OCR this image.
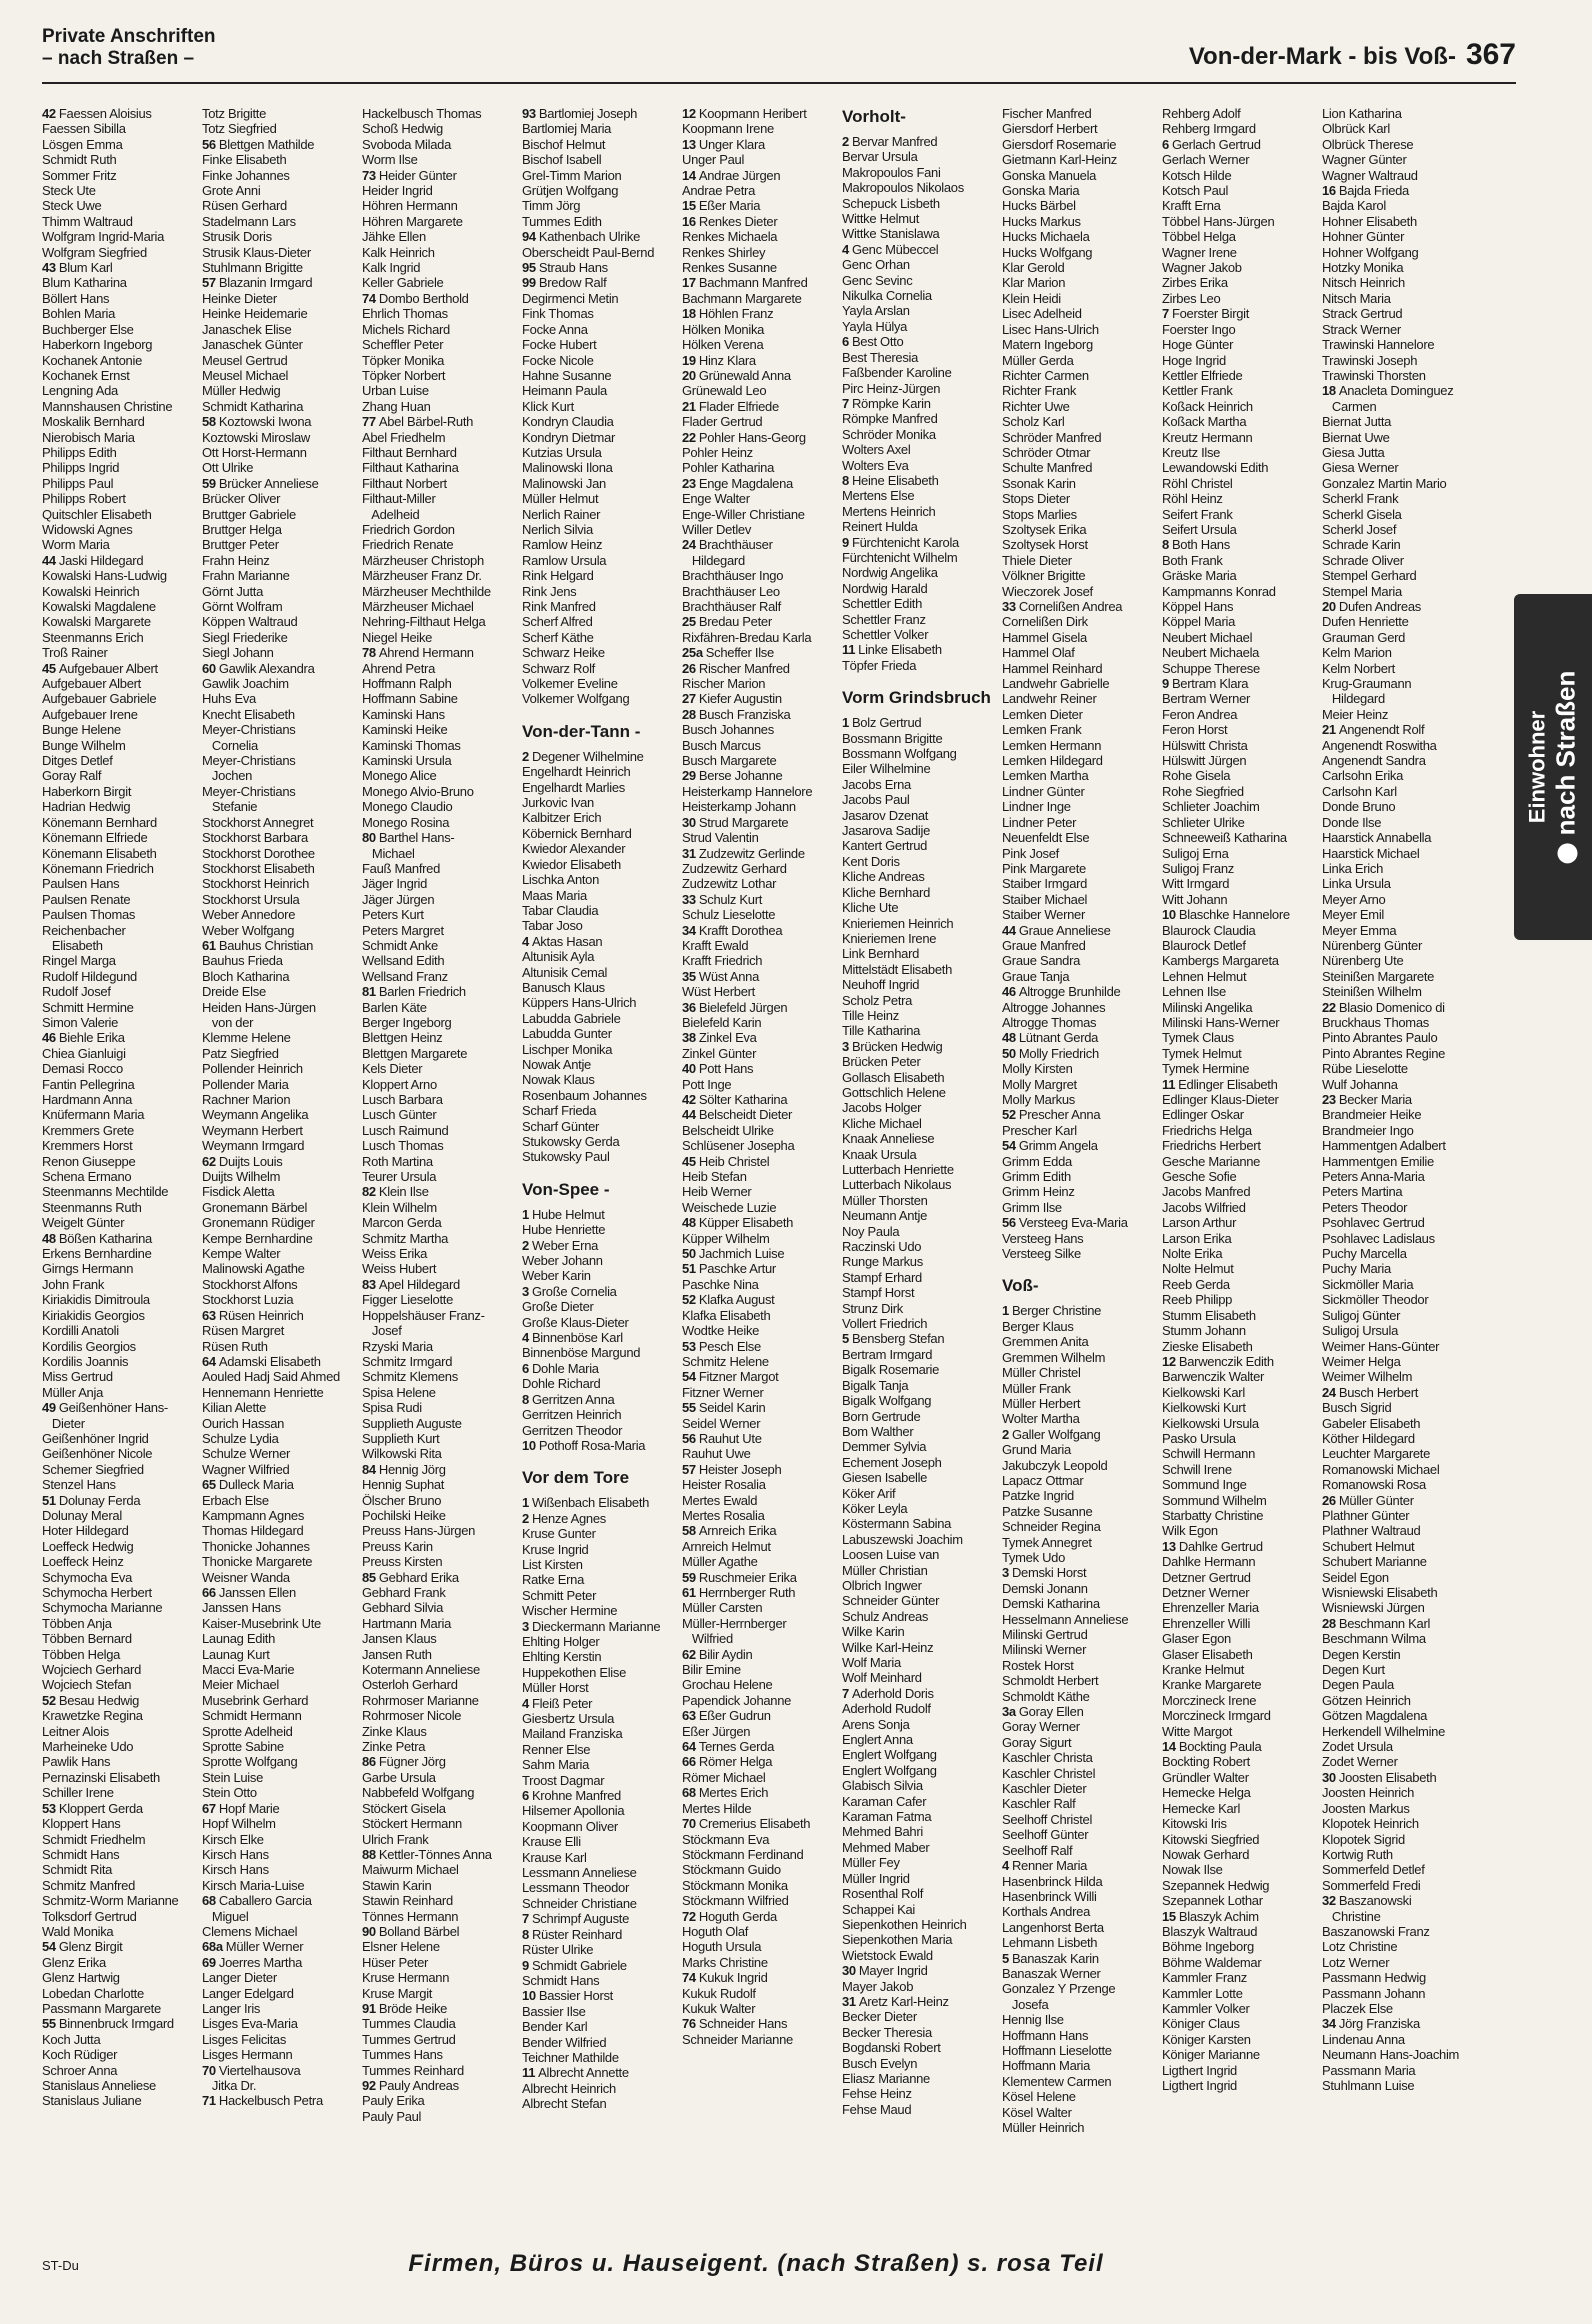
Private Anschriften
– nach Straßen –	Von-der-Mark - bis Voß- 367
42 Faessen Aloisius
Faessen Sibilla
Lösgen Emma
Schmidt Ruth
Sommer Fritz
Steck Ute
Steck Uwe
Thimm Waltraud
Wolfgram Ingrid-Maria
Wolfgram Siegfried
43 Blum Karl
Blum Katharina
Böllert Hans
Bohlen Maria
Buchberger Else
Haberkorn Ingeborg
Kochanek Antonie
Kochanek Ernst
Lengning Ada
Mannshausen Christine
Moskalik Bernhard
Nierobisch Maria
Philipps Edith
Philipps Ingrid
Philipps Paul
Philipps Robert
Quitschler Elisabeth
Widowski Agnes
Worm Maria
44 Jaski Hildegard
Kowalski Hans-Ludwig
Kowalski Heinrich
Kowalski Magdalene
Kowalski Margarete
Steenmanns Erich
Troß Rainer
45 Aufgebauer Albert
Aufgebauer Albert
Aufgebauer Gabriele
Aufgebauer Irene
Bunge Helene
Bunge Wilhelm
Ditges Detlef
Goray Ralf
Haberkorn Birgit
Hadrian Hedwig
Könemann Bernhard
Könemann Elfriede
Könemann Elisabeth
Könemann Friedrich
Paulsen Hans
Paulsen Renate
Paulsen Thomas
Reichenbacher
Elisabeth
Ringel Marga
Rudolf Hildegund
Rudolf Josef
Schmitt Hermine
Simon Valerie
46 Biehle Erika
Chiea Gianluigi
Demasi Rocco
Fantin Pellegrina
Hardmann Anna
Knüfermann Maria
Kremmers Grete
Kremmers Horst
Renon Giuseppe
Schena Ermano
Steenmanns Mechtilde
Steenmanns Ruth
Weigelt Günter
48 Bößen Katharina
Erkens Bernhardine
Girngs Hermann
John Frank
Kiriakidis Dimitroula
Kiriakidis Georgios
Kordilli Anatoli
Kordilis Georgios
Kordilis Joannis
Miss Gertrud
Müller Anja
49 Geißenhöner Hans-
Dieter
Geißenhöner Ingrid
Geißenhöner Nicole
Schemer Siegfried
Stenzel Hans
51 Dolunay Ferda
Dolunay Meral
Hoter Hildegard
Loeffeck Hedwig
Loeffeck Heinz
Schymocha Eva
Schymocha Herbert
Schymocha Marianne
Többen Anja
Többen Bernard
Többen Helga
Wojciech Gerhard
Wojciech Stefan
52 Besau Hedwig
Krawetzke Regina
Leitner Alois
Marheineke Udo
Pawlik Hans
Pernazinski Elisabeth
Schiller Irene
53 Kloppert Gerda
Kloppert Hans
Schmidt Friedhelm
Schmidt Hans
Schmidt Rita
Schmitz Manfred
Schmitz-Worm Marianne
Tolksdorf Gertrud
Wald Monika
54 Glenz Birgit
Glenz Erika
Glenz Hartwig
Lobedan Charlotte
Passmann Margarete
55 Binnenbruck Irmgard
Koch Jutta
Koch Rüdiger
Schroer Anna
Stanislaus Anneliese
Stanislaus Juliane
Totz Brigitte
Totz Siegfried
56 Blettgen Mathilde
Finke Elisabeth
Finke Johannes
Grote Anni
Rüsen Gerhard
Stadelmann Lars
Strusik Doris
Strusik Klaus-Dieter
Stuhlmann Brigitte
57 Blazanin Irmgard
Heinke Dieter
Heinke Heidemarie
Janaschek Elise
Janaschek Günter
Meusel Gertrud
Meusel Michael
Müller Hedwig
Schmidt Katharina
58 Koztowski Iwona
Koztowski Miroslaw
Ott Horst-Hermann
Ott Ulrike
59 Brücker Anneliese
Brücker Oliver
Bruttger Gabriele
Bruttger Helga
Bruttger Peter
Frahn Heinz
Frahn Marianne
Görnt Jutta
Görnt Wolfram
Köppen Waltraud
Siegl Friederike
Siegl Johann
60 Gawlik Alexandra
Gawlik Joachim
Huhs Eva
Knecht Elisabeth
Meyer-Christians
Cornelia
Meyer-Christians
Jochen
Meyer-Christians
Stefanie
Stockhorst Annegret
Stockhorst Barbara
Stockhorst Dorothee
Stockhorst Elisabeth
Stockhorst Heinrich
Stockhorst Ursula
Weber Annedore
Weber Wolfgang
61 Bauhus Christian
Bauhus Frieda
Bloch Katharina
Dreide Else
Heiden Hans-Jürgen
von der
Klemme Helene
Patz Siegfried
Pollender Heinrich
Pollender Maria
Rachner Marion
Weymann Angelika
Weymann Herbert
Weymann Irmgard
62 Duijts Louis
Duijts Wilhelm
Fisdick Aletta
Gronemann Bärbel
Gronemann Rüdiger
Kempe Bernhardine
Kempe Walter
Malinowski Agathe
Stockhorst Alfons
Stockhorst Luzia
63 Rüsen Heinrich
Rüsen Margret
Rüsen Ruth
64 Adamski Elisabeth
Aouled Hadj Said Ahmed
Hennemann Henriette
Kilian Alette
Ourich Hassan
Schulze Lydia
Schulze Werner
Wagner Wilfried
65 Dulleck Maria
Erbach Else
Kampmann Agnes
Thomas Hildegard
Thonicke Johannes
Thonicke Margarete
Weisner Wanda
66 Janssen Ellen
Janssen Hans
Kaiser-Musebrink Ute
Launag Edith
Launag Kurt
Macci Eva-Marie
Meier Michael
Musebrink Gerhard
Schmidt Hermann
Sprotte Adelheid
Sprotte Sabine
Sprotte Wolfgang
Stein Luise
Stein Otto
67 Hopf Marie
Hopf Wilhelm
Kirsch Elke
Kirsch Hans
Kirsch Hans
Kirsch Maria-Luise
68 Caballero Garcia
Miguel
Clemens Michael
68a Müller Werner
69 Joerres Martha
Langer Dieter
Langer Edelgard
Langer Iris
Lisges Eva-Maria
Lisges Felicitas
Lisges Hermann
70 Viertelhausova
Jitka Dr.
71 Hackelbusch Petra
Hackelbusch Thomas
Schoß Hedwig
Svoboda Milada
Worm Ilse
73 Heider Günter
Heider Ingrid
Höhren Hermann
Höhren Margarete
Jähke Ellen
Kalk Heinrich
Kalk Ingrid
Keller Gabriele
74 Dombo Berthold
Ehrlich Thomas
Michels Richard
Scheffler Peter
Töpker Monika
Töpker Norbert
Urban Luise
Zhang Huan
77 Abel Bärbel-Ruth
Abel Friedhelm
Filthaut Bernhard
Filthaut Katharina
Filthaut Norbert
Filthaut-Miller
Adelheid
Friedrich Gordon
Friedrich Renate
Märzheuser Christoph
Märzheuser Franz Dr.
Märzheuser Mechthilde
Märzheuser Michael
Nehring-Filthaut Helga
Niegel Heike
78 Ahrend Hermann
Ahrend Petra
Hoffmann Ralph
Hoffmann Sabine
Kaminski Hans
Kaminski Heike
Kaminski Thomas
Kaminski Ursula
Monego Alice
Monego Alvio-Bruno
Monego Claudio
Monego Rosina
80 Barthel Hans-
Michael
Fauß Manfred
Jäger Ingrid
Jäger Jürgen
Peters Kurt
Peters Margret
Schmidt Anke
Wellsand Edith
Wellsand Franz
81 Barlen Friedrich
Barlen Käte
Berger Ingeborg
Blettgen Heinz
Blettgen Margarete
Kels Dieter
Kloppert Arno
Lusch Barbara
Lusch Günter
Lusch Raimund
Lusch Thomas
Roth Martina
Teurer Ursula
82 Klein Ilse
Klein Wilhelm
Marcon Gerda
Schmitz Martha
Weiss Erika
Weiss Hubert
83 Apel Hildegard
Figger Lieselotte
Hoppelshäuser Franz-
Josef
Rzyski Maria
Schmitz Irmgard
Schmitz Klemens
Spisa Helene
Spisa Rudi
Supplieth Auguste
Supplieth Kurt
Wilkowski Rita
84 Hennig Jörg
Hennig Suphat
Ölscher Bruno
Pochilski Heike
Preuss Hans-Jürgen
Preuss Karin
Preuss Kirsten
85 Gebhard Erika
Gebhard Frank
Gebhard Silvia
Hartmann Maria
Jansen Klaus
Jansen Ruth
Kotermann Anneliese
Osterloh Gerhard
Rohrmoser Marianne
Rohrmoser Nicole
Zinke Klaus
Zinke Petra
86 Fügner Jörg
Garbe Ursula
Nabbefeld Wolfgang
Stöckert Gisela
Stöckert Hermann
Ulrich Frank
88 Kettler-Tönnes Anna
Maiwurm Michael
Stawin Karin
Stawin Reinhard
Tönnes Hermann
90 Bolland Bärbel
Elsner Helene
Hüser Peter
Kruse Hermann
Kruse Margit
91 Bröde Heike
Tummes Claudia
Tummes Gertrud
Tummes Hans
Tummes Reinhard
92 Pauly Andreas
Pauly Erika
Pauly Paul
93 Bartlomiej Joseph
Bartlomiej Maria
Bischof Helmut
Bischof Isabell
Grel-Timm Marion
Grütjen Wolfgang
Timm Jörg
Tummes Edith
94 Kathenbach Ulrike
Oberscheidt Paul-Bernd
95 Straub Hans
99 Bredow Ralf
Degirmenci Metin
Fink Thomas
Focke Anna
Focke Hubert
Focke Nicole
Hahne Susanne
Heimann Paula
Klick Kurt
Kondryn Claudia
Kondryn Dietmar
Kutzias Ursula
Malinowski Ilona
Malinowski Jan
Müller Helmut
Nerlich Rainer
Nerlich Silvia
Ramlow Heinz
Ramlow Ursula
Rink Helgard
Rink Jens
Rink Manfred
Scherf Alfred
Scherf Käthe
Schwarz Heike
Schwarz Rolf
Volkemer Eveline
Volkemer Wolfgang
Von-der-Tann -
2 Degener Wilhelmine
Engelhardt Heinrich
Engelhardt Marlies
Jurkovic Ivan
Kalbitzer Erich
Köbernick Bernhard
Kwiedor Alexander
Kwiedor Elisabeth
Lischka Anton
Maas Maria
Tabar Claudia
Tabar Joso
4 Aktas Hasan
Altunisik Ayla
Altunisik Cemal
Banusch Klaus
Küppers Hans-Ulrich
Labudda Gabriele
Labudda Gunter
Lischper Monika
Nowak Antje
Nowak Klaus
Rosenbaum Johannes
Scharf Frieda
Scharf Günter
Stukowsky Gerda
Stukowsky Paul
Von-Spee -
1 Hube Helmut
Hube Henriette
2 Weber Erna
Weber Johann
Weber Karin
3 Große Cornelia
Große Dieter
Große Klaus-Dieter
4 Binnenböse Karl
Binnenböse Margund
6 Dohle Maria
Dohle Richard
8 Gerritzen Anna
Gerritzen Heinrich
Gerritzen Theodor
10 Pothoff Rosa-Maria
Vor dem Tore
1 Wißenbach Elisabeth
2 Henze Agnes
Kruse Gunter
Kruse Ingrid
List Kirsten
Ratke Erna
Schmitt Peter
Wischer Hermine
3 Dieckermann Marianne
Ehlting Holger
Ehlting Kerstin
Huppekothen Elise
Müller Horst
4 Fleiß Peter
Giesbertz Ursula
Mailand Franziska
Renner Else
Sahm Maria
Troost Dagmar
6 Krohne Manfred
Hilsemer Apollonia
Koopmann Oliver
Krause Elli
Krause Karl
Lessmann Anneliese
Lessmann Theodor
Schneider Christiane
7 Schrimpf Auguste
8 Rüster Reinhard
Rüster Ulrike
9 Schmidt Gabriele
Schmidt Hans
10 Bassier Horst
Bassier Ilse
Bender Karl
Bender Wilfried
Teichner Mathilde
11 Albrecht Annette
Albrecht Heinrich
Albrecht Stefan
12 Koopmann Heribert
Koopmann Irene
13 Unger Klara
Unger Paul
14 Andrae Jürgen
Andrae Petra
15 Eßer Maria
16 Renkes Dieter
Renkes Michaela
Renkes Shirley
Renkes Susanne
17 Bachmann Manfred
Bachmann Margarete
18 Höhlen Franz
Hölken Monika
Hölken Verena
19 Hinz Klara
20 Grünewald Anna
Grünewald Leo
21 Flader Elfriede
Flader Gertrud
22 Pohler Hans-Georg
Pohler Heinz
Pohler Katharina
23 Enge Magdalena
Enge Walter
Enge-Willer Christiane
Willer Detlev
24 Brachthäuser
Hildegard
Brachthäuser Ingo
Brachthäuser Leo
Brachthäuser Ralf
25 Bredau Peter
Rixfähren-Bredau Karla
25a Scheffer Ilse
26 Rischer Manfred
Rischer Marion
27 Kiefer Augustin
28 Busch Franziska
Busch Johannes
Busch Marcus
Busch Margarete
29 Berse Johanne
Heisterkamp Hannelore
Heisterkamp Johann
30 Strud Margarete
Strud Valentin
31 Zudzewitz Gerlinde
Zudzewitz Gerhard
Zudzewitz Lothar
33 Schulz Kurt
Schulz Lieselotte
34 Krafft Dorothea
Krafft Ewald
Krafft Friedrich
35 Wüst Anna
Wüst Herbert
36 Bielefeld Jürgen
Bielefeld Karin
38 Zinkel Eva
Zinkel Günter
40 Pott Hans
Pott Inge
42 Sölter Katharina
44 Belscheidt Dieter
Belscheidt Ulrike
Schlüsener Josepha
45 Heib Christel
Heib Stefan
Heib Werner
Weischede Luzie
48 Küpper Elisabeth
Küpper Wilhelm
50 Jachmich Luise
51 Paschke Artur
Paschke Nina
52 Klafka August
Klafka Elisabeth
Wodtke Heike
53 Pesch Else
Schmitz Helene
54 Fitzner Margot
Fitzner Werner
55 Seidel Karin
Seidel Werner
56 Rauhut Ute
Rauhut Uwe
57 Heister Joseph
Heister Rosalia
Mertes Ewald
Mertes Rosalia
58 Arnreich Erika
Arnreich Helmut
Müller Agathe
59 Ruschmeier Erika
61 Herrnberger Ruth
Müller Carsten
Müller-Herrnberger
Wilfried
62 Bilir Aydin
Bilir Emine
Grochau Helene
Papendick Johanne
63 Eßer Gudrun
Eßer Jürgen
64 Ternes Gerda
66 Römer Helga
Römer Michael
68 Mertes Erich
Mertes Hilde
70 Cremerius Elisabeth
Stöckmann Eva
Stöckmann Ferdinand
Stöckmann Guido
Stöckmann Monika
Stöckmann Wilfried
72 Hoguth Gerda
Hoguth Olaf
Hoguth Ursula
Marks Christine
74 Kukuk Ingrid
Kukuk Rudolf
Kukuk Walter
76 Schneider Hans
Schneider Marianne
Vorholt-
2 Bervar Manfred
Bervar Ursula
Makropoulos Fani
Makropoulos Nikolaos
Schepuck Lisbeth
Wittke Helmut
Wittke Stanislawa
4 Genc Mübeccel
Genc Orhan
Genc Sevinc
Nikulka Cornelia
Yayla Arslan
Yayla Hülya
6 Best Otto
Best Theresia
Faßbender Karoline
Pirc Heinz-Jürgen
7 Römpke Karin
Römpke Manfred
Schröder Monika
Wolters Axel
Wolters Eva
8 Heine Elisabeth
Mertens Else
Mertens Heinrich
Reinert Hulda
9 Fürchtenicht Karola
Fürchtenicht Wilhelm
Nordwig Angelika
Nordwig Harald
Schettler Edith
Schettler Franz
Schettler Volker
11 Linke Elisabeth
Töpfer Frieda
Vorm Grindsbruch
1 Bolz Gertrud
Bossmann Brigitte
Bossmann Wolfgang
Eiler Wilhelmine
Jacobs Erna
Jacobs Paul
Jasarov Dzenat
Jasarova Sadije
Kantert Gertrud
Kent Doris
Kliche Andreas
Kliche Bernhard
Kliche Ute
Knieriemen Heinrich
Knieriemen Irene
Link Bernhard
Mittelstädt Elisabeth
Neuhoff Ingrid
Scholz Petra
Tille Heinz
Tille Katharina
3 Brücken Hedwig
Brücken Peter
Gollasch Elisabeth
Gottschlich Helene
Jacobs Holger
Kliche Michael
Knaak Anneliese
Knaak Ursula
Lutterbach Henriette
Lutterbach Nikolaus
Müller Thorsten
Neumann Antje
Noy Paula
Raczinski Udo
Runge Markus
Stampf Erhard
Stampf Horst
Strunz Dirk
Vollert Friedrich
5 Bensberg Stefan
Bertram Irmgard
Bigalk Rosemarie
Bigalk Tanja
Bigalk Wolfgang
Born Gertrude
Bom Walther
Demmer Sylvia
Echement Joseph
Giesen Isabelle
Köker Arif
Köker Leyla
Köstermann Sabina
Labuszewski Joachim
Loosen Luise van
Müller Christian
Olbrich Ingwer
Schneider Günter
Schulz Andreas
Wilke Karin
Wilke Karl-Heinz
Wolf Maria
Wolf Meinhard
7 Aderhold Doris
Aderhold Rudolf
Arens Sonja
Englert Anna
Englert Wolfgang
Englert Wolfgang
Glabisch Silvia
Karaman Cafer
Karaman Fatma
Mehmed Bahri
Mehmed Maber
Müller Fey
Müller Ingrid
Rosenthal Rolf
Schappei Kai
Siepenkothen Heinrich
Siepenkothen Maria
Wietstock Ewald
30 Mayer Ingrid
Mayer Jakob
31 Aretz Karl-Heinz
Becker Dieter
Becker Theresia
Bogdanski Robert
Busch Evelyn
Eliasz Marianne
Fehse Heinz
Fehse Maud
Fischer Manfred
Giersdorf Herbert
Giersdorf Rosemarie
Gietmann Karl-Heinz
Gonska Manuela
Gonska Maria
Hucks Bärbel
Hucks Markus
Hucks Michaela
Hucks Wolfgang
Klar Gerold
Klar Marion
Klein Heidi
Lisec Adelheid
Lisec Hans-Ulrich
Matern Ingeborg
Müller Gerda
Richter Carmen
Richter Frank
Richter Uwe
Scholz Karl
Schröder Manfred
Schröder Otmar
Schulte Manfred
Ssonak Karin
Stops Dieter
Stops Marlies
Szoltysek Erika
Szoltysek Horst
Thiele Dieter
Völkner Brigitte
Wieczorek Josef
33 Cornelißen Andrea
Cornelißen Dirk
Hammel Gisela
Hammel Olaf
Hammel Reinhard
Landwehr Gabrielle
Landwehr Reiner
Lemken Dieter
Lemken Frank
Lemken Hermann
Lemken Hildegard
Lemken Martha
Lindner Günter
Lindner Inge
Lindner Peter
Neuenfeldt Else
Pink Josef
Pink Margarete
Staiber Irmgard
Staiber Michael
Staiber Werner
44 Graue Anneliese
Graue Manfred
Graue Sandra
Graue Tanja
46 Altrogge Brunhilde
Altrogge Johannes
Altrogge Thomas
48 Lütnant Gerda
50 Molly Friedrich
Molly Kirsten
Molly Margret
Molly Markus
52 Prescher Anna
Prescher Karl
54 Grimm Angela
Grimm Edda
Grimm Edith
Grimm Heinz
Grimm Ilse
56 Versteeg Eva-Maria
Versteeg Hans
Versteeg Silke
Voß-
1 Berger Christine
Berger Klaus
Gremmen Anita
Gremmen Wilhelm
Müller Christel
Müller Frank
Müller Herbert
Wolter Martha
2 Galler Wolfgang
Grund Maria
Jakubczyk Leopold
Lapacz Ottmar
Patzke Ingrid
Patzke Susanne
Schneider Regina
Tymek Annegret
Tymek Udo
3 Demski Horst
Demski Jonann
Demski Katharina
Hesselmann Anneliese
Milinski Gertrud
Milinski Werner
Rostek Horst
Schmoldt Herbert
Schmoldt Käthe
3a Goray Ellen
Goray Werner
Goray Sigurt
Kaschler Christa
Kaschler Christel
Kaschler Dieter
Kaschler Ralf
Seelhoff Christel
Seelhoff Günter
Seelhoff Ralf
4 Renner Maria
Hasenbrinck Hilda
Hasenbrinck Willi
Korthals Andrea
Langenhorst Berta
Lehmann Lisbeth
5 Banaszak Karin
Banaszak Werner
Gonzalez Y Przenge
Josefa
Hennig Ilse
Hoffmann Hans
Hoffmann Lieselotte
Hoffmann Maria
Klementew Carmen
Kösel Helene
Kösel Walter
Müller Heinrich
Rehberg Adolf
Rehberg Irmgard
6 Gerlach Gertrud
Gerlach Werner
Kotsch Hilde
Kotsch Paul
Krafft Erna
Többel Hans-Jürgen
Többel Helga
Wagner Irene
Wagner Jakob
Zirbes Erika
Zirbes Leo
7 Foerster Birgit
Foerster Ingo
Hoge Günter
Hoge Ingrid
Kettler Elfriede
Kettler Frank
Koßack Heinrich
Koßack Martha
Kreutz Hermann
Kreutz Ilse
Lewandowski Edith
Röhl Christel
Röhl Heinz
Seifert Frank
Seifert Ursula
8 Both Hans
Both Frank
Gräske Maria
Kampmanns Konrad
Köppel Hans
Köppel Maria
Neubert Michael
Neubert Michaela
Schuppe Therese
9 Bertram Klara
Bertram Werner
Feron Andrea
Feron Horst
Hülswitt Christa
Hülswitt Jürgen
Rohe Gisela
Rohe Siegfried
Schlieter Joachim
Schlieter Ulrike
Schneeweiß Katharina
Suligoj Erna
Suligoj Franz
Witt Irmgard
Witt Johann
10 Blaschke Hannelore
Blaurock Claudia
Blaurock Detlef
Kambergs Margareta
Lehnen Helmut
Lehnen Ilse
Milinski Angelika
Milinski Hans-Werner
Tymek Claus
Tymek Helmut
Tymek Hermine
11 Edlinger Elisabeth
Edlinger Klaus-Dieter
Edlinger Oskar
Friedrichs Helga
Friedrichs Herbert
Gesche Marianne
Gesche Sofie
Jacobs Manfred
Jacobs Wilfried
Larson Arthur
Larson Erika
Nolte Erika
Nolte Helmut
Reeb Gerda
Reeb Philipp
Stumm Elisabeth
Stumm Johann
Zieske Elisabeth
12 Barwenczik Edith
Barwenczik Walter
Kielkowski Karl
Kielkowski Kurt
Kielkowski Ursula
Pasko Ursula
Schwill Hermann
Schwill Irene
Sommund Inge
Sommund Wilhelm
Starbatty Christine
Wilk Egon
13 Dahlke Gertrud
Dahlke Hermann
Detzner Gertrud
Detzner Werner
Ehrenzeller Maria
Ehrenzeller Willi
Glaser Egon
Glaser Elisabeth
Kranke Helmut
Kranke Margarete
Morczineck Irene
Morczineck Irmgard
Witte Margot
14 Bockting Paula
Bockting Robert
Gründler Walter
Hemecke Helga
Hemecke Karl
Kitowski Iris
Kitowski Siegfried
Nowak Gerhard
Nowak Ilse
Szepannek Hedwig
Szepannek Lothar
15 Blaszyk Achim
Blaszyk Waltraud
Böhme Ingeborg
Böhme Waldemar
Kammler Franz
Kammler Lotte
Kammler Volker
Königer Claus
Königer Karsten
Königer Marianne
Ligthert Ingrid
Ligthert Ingrid
Lion Katharina
Olbrück Karl
Olbrück Therese
Wagner Günter
Wagner Waltraud
16 Bajda Frieda
Bajda Karol
Hohner Elisabeth
Hohner Günter
Hohner Wolfgang
Hotzky Monika
Nitsch Heinrich
Nitsch Maria
Strack Gertrud
Strack Werner
Trawinski Hannelore
Trawinski Joseph
Trawinski Thorsten
18 Anacleta Dominguez
Carmen
Biernat Jutta
Biernat Uwe
Giesa Jutta
Giesa Werner
Gonzalez Martin Mario
Scherkl Frank
Scherkl Gisela
Scherkl Josef
Schrade Karin
Schrade Oliver
Stempel Gerhard
Stempel Maria
20 Dufen Andreas
Dufen Henriette
Grauman Gerd
Kelm Marion
Kelm Norbert
Krug-Graumann
Hildegard
Meier Heinz
21 Angenendt Rolf
Angenendt Roswitha
Angenendt Sandra
Carlsohn Erika
Carlsohn Karl
Donde Bruno
Donde Ilse
Haarstick Annabella
Haarstick Michael
Linka Erich
Linka Ursula
Meyer Arno
Meyer Emil
Meyer Emma
Nürenberg Günter
Nürenberg Ute
Steinißen Margarete
Steinißen Wilhelm
22 Blasio Domenico di
Bruckhaus Thomas
Pinto Abrantes Paulo
Pinto Abrantes Regine
Rübe Lieselotte
Wulf Johanna
23 Becker Maria
Brandmeier Heike
Brandmeier Ingo
Hammentgen Adalbert
Hammentgen Emilie
Peters Anna-Maria
Peters Martina
Peters Theodor
Psohlavec Gertrud
Psohlavec Ladislaus
Puchy Marcella
Puchy Maria
Sickmöller Maria
Sickmöller Theodor
Suligoj Günter
Suligoj Ursula
Weimer Hans-Günter
Weimer Helga
Weimer Wilhelm
24 Busch Herbert
Busch Sigrid
Gabeler Elisabeth
Köther Hildegard
Leuchter Margarete
Romanowski Michael
Romanowski Rosa
26 Müller Günter
Plathner Günter
Plathner Waltraud
Schubert Helmut
Schubert Marianne
Seidel Egon
Wisniewski Elisabeth
Wisniewski Jürgen
28 Beschmann Karl
Beschmann Wilma
Degen Kerstin
Degen Kurt
Degen Paula
Götzen Heinrich
Götzen Magdalena
Herkendell Wilhelmine
Zodet Ursula
Zodet Werner
30 Joosten Elisabeth
Joosten Heinrich
Joosten Markus
Klopotek Heinrich
Klopotek Sigrid
Kortwig Ruth
Sommerfeld Detlef
Sommerfeld Fredi
32 Baszanowski
Christine
Baszanowski Franz
Lotz Christine
Lotz Werner
Passmann Hedwig
Passmann Johann
Placzek Else
34 Jörg Franziska
Lindenau Anna
Neumann Hans-Joachim
Passmann Maria
Stuhlmann Luise
Einwohner nach Straßen
ST-Du	Firmen, Büros u. Hauseigent. (nach Straßen) s. rosa Teil
